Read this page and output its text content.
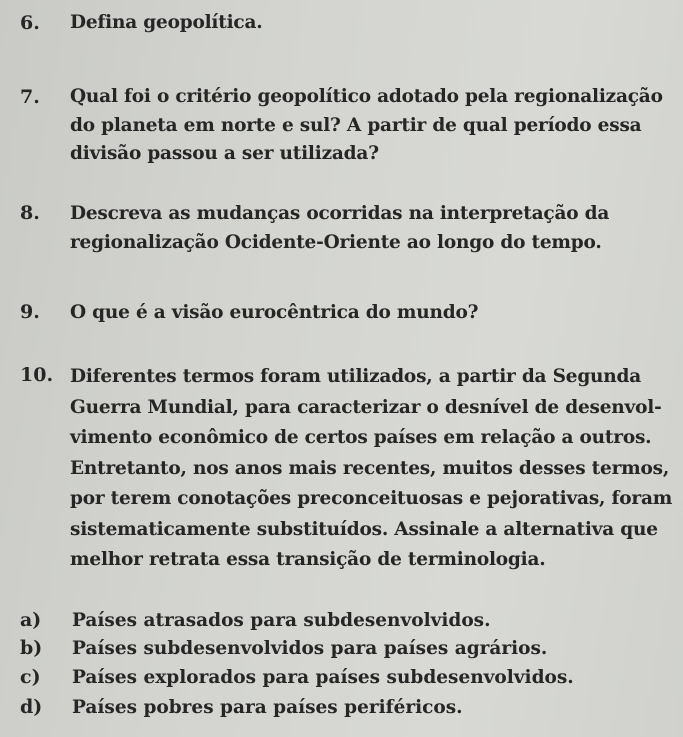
6. Defina geopolítica.
7. Qual foi o critério geopolítico adotado pela regionalização
do planeta em norte e sul? A partir de qual período essa
divisão passou a ser utilizada?
8. Descreva as mudanças ocorridas na interpretação da
regionalização Ocidente-Oriente ao longo do tempo.
9. O que é a visão eurocêntrica do mundo?
10. Diferentes termos foram utilizados, a partir da Segunda
Guerra Mundial, para caracterizar o desnível de desenvol-
vimento econômico de certos países em relação a outros.
Entretanto, nos anos mais recentes, muitos desses termos,
por terem conotações preconceituosas e pejorativas, foram
sistematicamente substituídos. Assinale a alternativa que
melhor retrata essa transição de terminologia.
a) Países atrasados para subdesenvolvidos.
b) Países subdesenvolvidos para países agrários.
c) Países explorados para países subdesenvolvidos.
d) Países pobres para países periféricos.
